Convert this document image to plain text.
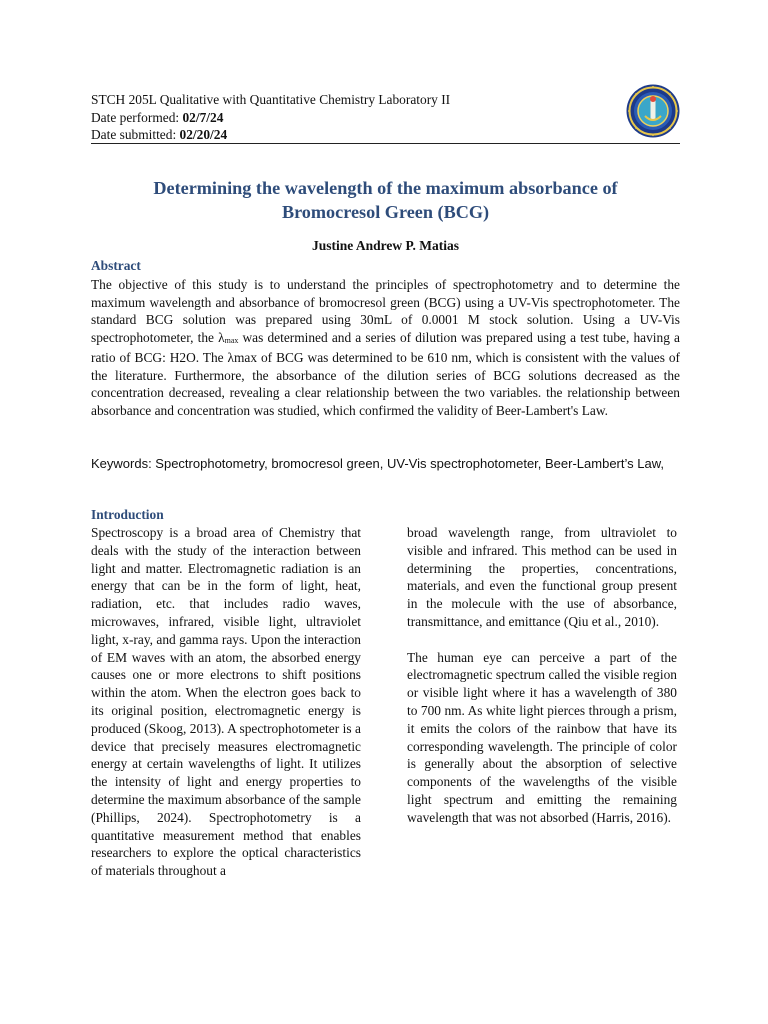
STCH 205L Qualitative with Quantitative Chemistry Laboratory II
Date performed: 02/7/24
Date submitted: 02/20/24
Determining the wavelength of the maximum absorbance of
Bromocresol Green (BCG)
Justine Andrew P. Matias
Abstract
The objective of this study is to understand the principles of spectrophotometry and to determine the maximum wavelength and absorbance of bromocresol green (BCG) using a UV-Vis spectrophotometer. The standard BCG solution was prepared using 30mL of 0.0001 M stock solution. Using a UV-Vis spectrophotometer, the $\lambda_{max}$ was determined and a series of dilution was prepared using a test tube, having a ratio of BCG: H2O. The λmax of BCG was determined to be 610 nm, which is consistent with the values of the literature. Furthermore, the absorbance of the dilution series of BCG solutions decreased as the concentration decreased, revealing a clear relationship between the two variables. the relationship between absorbance and concentration was studied, which confirmed the validity of Beer-Lambert's Law.
Keywords: Spectrophotometry, bromocresol green, UV-Vis spectrophotometer, Beer-Lambert’s Law,
Introduction

Spectroscopy is a broad area of Chemistry that deals with the study of the interaction between light and matter. Electromagnetic radiation is an energy that can be in the form of light, heat, radiation, etc. that includes radio waves, microwaves, infrared, visible light, ultraviolet light, x-ray, and gamma rays. Upon the interaction of EM waves with an atom, the absorbed energy causes one or more electrons to shift positions within the atom. When the electron goes back to its original position, electromagnetic energy is produced (Skoog, 2013). A spectrophotometer is a device that precisely measures electromagnetic energy at certain wavelengths of light. It utilizes the intensity of light and energy properties to determine the maximum absorbance of the sample (Phillips, 2024). Spectrophotometry is a quantitative measurement method that enables researchers to explore the optical characteristics of materials throughout a

broad wavelength range, from ultraviolet to visible and infrared. This method can be used in determining the properties, concentrations, materials, and even the functional group present in the molecule with the use of absorbance, transmittance, and emittance (Qiu et al., 2010).

The human eye can perceive a part of the electromagnetic spectrum called the visible region or visible light where it has a wavelength of 380 to 700 nm. As white light pierces through a prism, it emits the colors of the rainbow that have its corresponding wavelength. The principle of color is generally about the absorption of selective components of the wavelengths of the visible light spectrum and emitting the remaining wavelength that was not absorbed (Harris, 2016).
